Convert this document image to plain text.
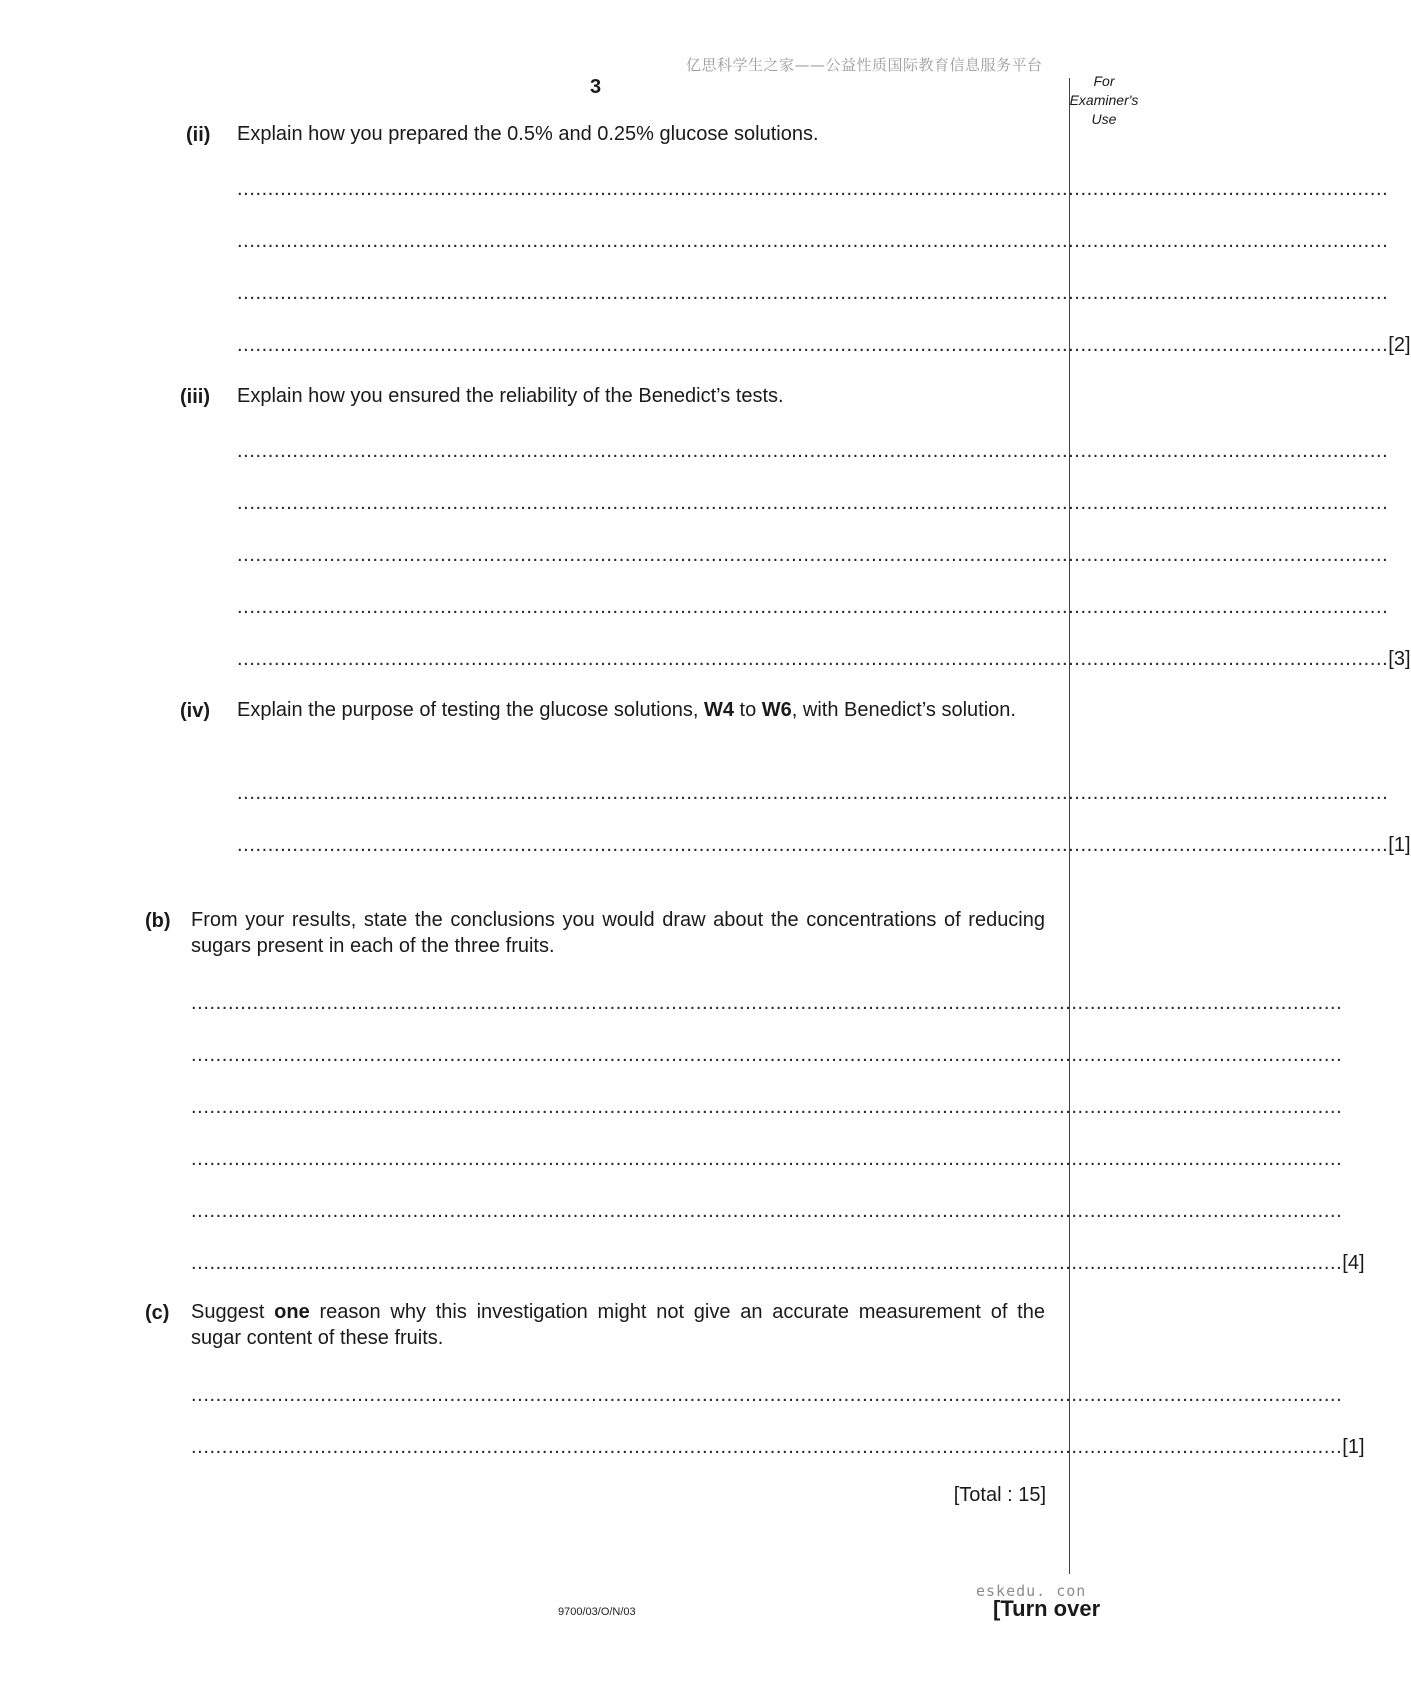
亿思科学生之家——公益性质国际教育信息服务平台
3	For
Examiner's
Use
(ii) Explain how you prepared the 0.5% and 0.25% glucose solutions.
...........................................................................................................................................................................................
...........................................................................................................................................................................................
...........................................................................................................................................................................................
........................................................................................................................................................................................... [2]
(iii) Explain how you ensured the reliability of the Benedict’s tests.
...........................................................................................................................................................................................
...........................................................................................................................................................................................
...........................................................................................................................................................................................
...........................................................................................................................................................................................
........................................................................................................................................................................................... [3]
(iv) Explain the purpose of testing the glucose solutions, W4 to W6, with Benedict’s solution.
...........................................................................................................................................................................................
........................................................................................................................................................................................... [1]
(b) From your results, state the conclusions you would draw about the concentrations of reducing sugars present in each of the three fruits.
...........................................................................................................................................................................................
...........................................................................................................................................................................................
...........................................................................................................................................................................................
...........................................................................................................................................................................................
...........................................................................................................................................................................................
........................................................................................................................................................................................... [4]
(c) Suggest one reason why this investigation might not give an accurate measurement of the sugar content of these fruits.
...........................................................................................................................................................................................
........................................................................................................................................................................................... [1]
[Total : 15]
9700/03/O/N/03
eskedu. con
[Turn over
